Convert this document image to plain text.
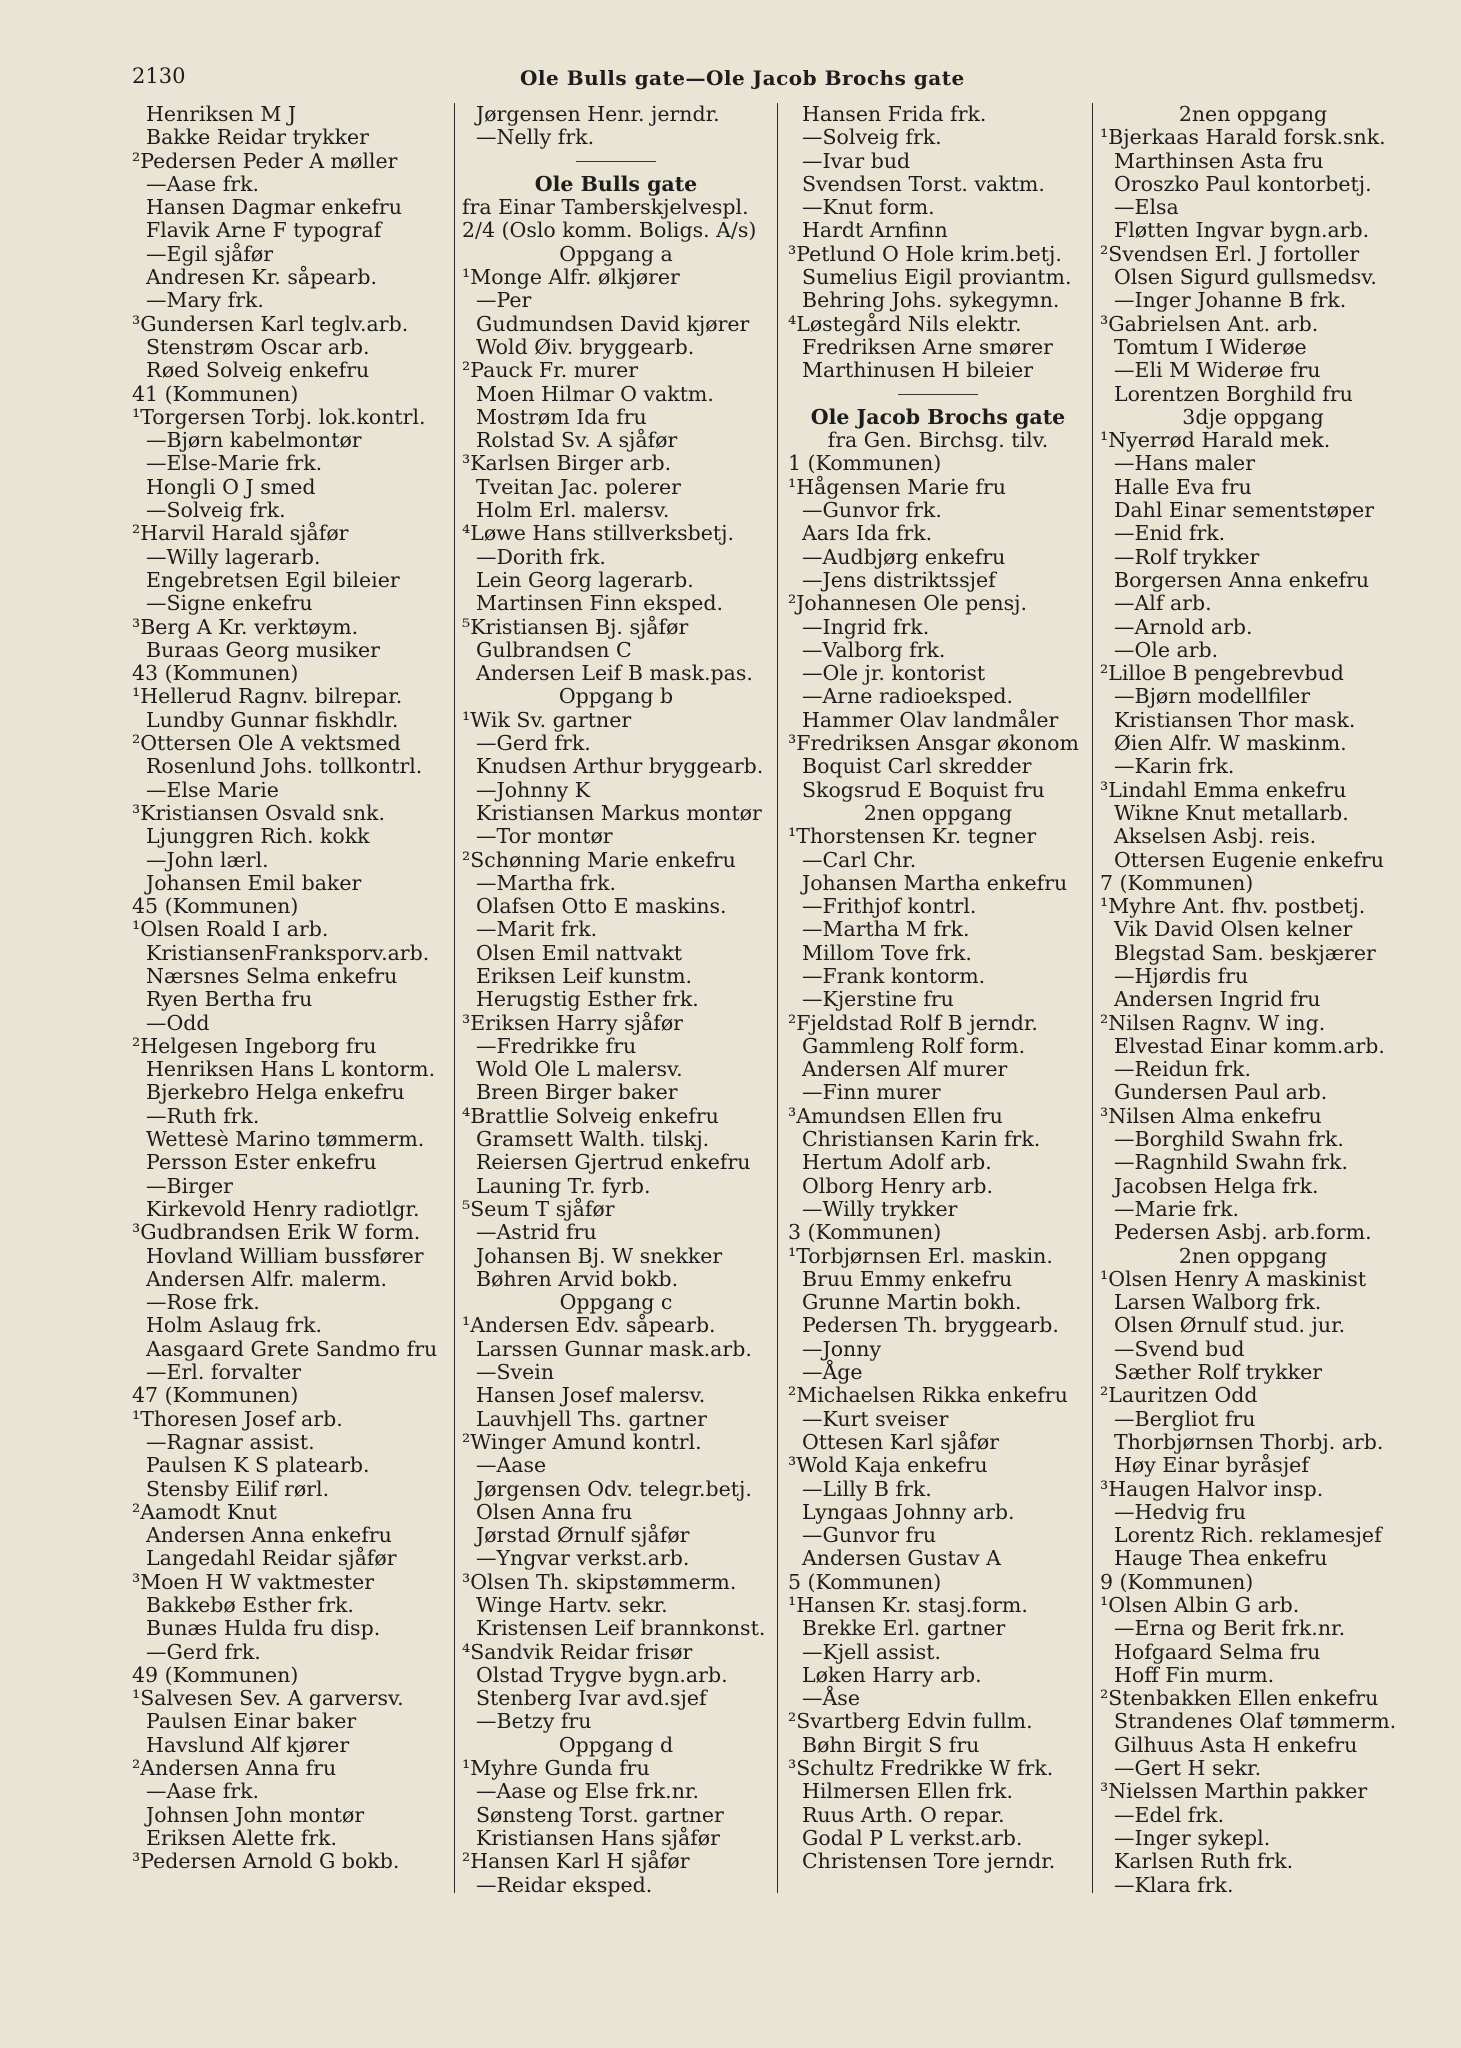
2130	Ole Bulls gate—Ole Jacob Brochs gate
Henriksen M J
Bakke Reidar trykker
²Pedersen Peder A møller
—Aase frk.
Hansen Dagmar enkefru
Flavik Arne F typograf
—Egil sjåfør
Andresen Kr. såpearb.
—Mary frk.
³Gundersen Karl teglv.arb.
Stenstrøm Oscar arb.
Røed Solveig enkefru
41 (Kommunen)
¹Torgersen Torbj. lok.kontrl.
—Bjørn kabelmontør
—Else-Marie frk.
Hongli O J smed
—Solveig frk.
²Harvil Harald sjåfør
—Willy lagerarb.
Engebretsen Egil bileier
—Signe enkefru
³Berg A Kr. verktøym.
Buraas Georg musiker
43 (Kommunen)
¹Hellerud Ragnv. bilrepar.
Lundby Gunnar fiskhdlr.
²Ottersen Ole A vektsmed
Rosenlund Johs. tollkontrl.
—Else Marie
³Kristiansen Osvald snk.
Ljunggren Rich. kokk
—John lærl.
Johansen Emil baker
45 (Kommunen)
¹Olsen Roald I arb.
KristiansenFranksporv.arb.
Nærsnes Selma enkefru
Ryen Bertha fru
—Odd
²Helgesen Ingeborg fru
Henriksen Hans L kontorm.
Bjerkebro Helga enkefru
—Ruth frk.
Wettesè Marino tømmerm.
Persson Ester enkefru
—Birger
Kirkevold Henry radiotlgr.
³Gudbrandsen Erik W form.
Hovland William bussfører
Andersen Alfr. malerm.
—Rose frk.
Holm Aslaug frk.
Aasgaard Grete Sandmo fru
—Erl. forvalter
47 (Kommunen)
¹Thoresen Josef arb.
—Ragnar assist.
Paulsen K S platearb.
Stensby Eilif rørl.
²Aamodt Knut
Andersen Anna enkefru
Langedahl Reidar sjåfør
³Moen H W vaktmester
Bakkebø Esther frk.
Bunæs Hulda fru disp.
—Gerd frk.
49 (Kommunen)
¹Salvesen Sev. A garversv.
Paulsen Einar baker
Havslund Alf kjører
²Andersen Anna fru
—Aase frk.
Johnsen John montør
Eriksen Alette frk.
³Pedersen Arnold G bokb.
Jørgensen Henr. jerndr.
—Nelly frk.
Ole Bulls gate
fra Einar Tamberskjelvespl.
2/4 (Oslo komm. Boligs. A/s)
Oppgang a
¹Monge Alfr. ølkjører
—Per
Gudmundsen David kjører
Wold Øiv. bryggearb.
²Pauck Fr. murer
Moen Hilmar O vaktm.
Mostrøm Ida fru
Rolstad Sv. A sjåfør
³Karlsen Birger arb.
Tveitan Jac. polerer
Holm Erl. malersv.
⁴Løwe Hans stillverksbetj.
—Dorith frk.
Lein Georg lagerarb.
Martinsen Finn eksped.
⁵Kristiansen Bj. sjåfør
Gulbrandsen C
Andersen Leif B mask.pas.
Oppgang b
¹Wik Sv. gartner
—Gerd frk.
Knudsen Arthur bryggearb.
—Johnny K
Kristiansen Markus montør
—Tor montør
²Schønning Marie enkefru
—Martha frk.
Olafsen Otto E maskins.
—Marit frk.
Olsen Emil nattvakt
Eriksen Leif kunstm.
Herugstig Esther frk.
³Eriksen Harry sjåfør
—Fredrikke fru
Wold Ole L malersv.
Breen Birger baker
⁴Brattlie Solveig enkefru
Gramsett Walth. tilskj.
Reiersen Gjertrud enkefru
Launing Tr. fyrb.
⁵Seum T sjåfør
—Astrid fru
Johansen Bj. W snekker
Bøhren Arvid bokb.
Oppgang c
¹Andersen Edv. såpearb.
Larssen Gunnar mask.arb.
—Svein
Hansen Josef malersv.
Lauvhjell Ths. gartner
²Winger Amund kontrl.
—Aase
Jørgensen Odv. telegr.betj.
Olsen Anna fru
Jørstad Ørnulf sjåfør
—Yngvar verkst.arb.
³Olsen Th. skipstømmerm.
Winge Hartv. sekr.
Kristensen Leif brannkonst.
⁴Sandvik Reidar frisør
Olstad Trygve bygn.arb.
Stenberg Ivar avd.sjef
—Betzy fru
Oppgang d
¹Myhre Gunda fru
—Aase og Else frk.nr.
Sønsteng Torst. gartner
Kristiansen Hans sjåfør
²Hansen Karl H sjåfør
—Reidar eksped.
Hansen Frida frk.
—Solveig frk.
—Ivar bud
Svendsen Torst. vaktm.
—Knut form.
Hardt Arnfinn
³Petlund O Hole krim.betj.
Sumelius Eigil proviantm.
Behring Johs. sykegymn.
⁴Løstegård Nils elektr.
Fredriksen Arne smører
Marthinusen H bileier
Ole Jacob Brochs gate
fra Gen. Birchsg. tilv.
1 (Kommunen)
¹Hågensen Marie fru
—Gunvor frk.
Aars Ida frk.
—Audbjørg enkefru
—Jens distriktssjef
²Johannesen Ole pensj.
—Ingrid frk.
—Valborg frk.
—Ole jr. kontorist
—Arne radioeksped.
Hammer Olav landmåler
³Fredriksen Ansgar økonom
Boquist Carl skredder
Skogsrud E Boquist fru
2nen oppgang
¹Thorstensen Kr. tegner
—Carl Chr.
Johansen Martha enkefru
—Frithjof kontrl.
—Martha M frk.
Millom Tove frk.
—Frank kontorm.
—Kjerstine fru
²Fjeldstad Rolf B jerndr.
Gammleng Rolf form.
Andersen Alf murer
—Finn murer
³Amundsen Ellen fru
Christiansen Karin frk.
Hertum Adolf arb.
Olborg Henry arb.
—Willy trykker
3 (Kommunen)
¹Torbjørnsen Erl. maskin.
Bruu Emmy enkefru
Grunne Martin bokh.
Pedersen Th. bryggearb.
—Jonny
—Åge
²Michaelsen Rikka enkefru
—Kurt sveiser
Ottesen Karl sjåfør
³Wold Kaja enkefru
—Lilly B frk.
Lyngaas Johnny arb.
—Gunvor fru
Andersen Gustav A
5 (Kommunen)
¹Hansen Kr. stasj.form.
Brekke Erl. gartner
—Kjell assist.
Løken Harry arb.
—Åse
²Svartberg Edvin fullm.
Bøhn Birgit S fru
³Schultz Fredrikke W frk.
Hilmersen Ellen frk.
Ruus Arth. O repar.
Godal P L verkst.arb.
Christensen Tore jerndr.
2nen oppgang
¹Bjerkaas Harald forsk.snk.
Marthinsen Asta fru
Oroszko Paul kontorbetj.
—Elsa
Fløtten Ingvar bygn.arb.
²Svendsen Erl. J fortoller
Olsen Sigurd gullsmedsv.
—Inger Johanne B frk.
³Gabrielsen Ant. arb.
Tomtum I Widerøe
—Eli M Widerøe fru
Lorentzen Borghild fru
3dje oppgang
¹Nyerrød Harald mek.
—Hans maler
Halle Eva fru
Dahl Einar sementstøper
—Enid frk.
—Rolf trykker
Borgersen Anna enkefru
—Alf arb.
—Arnold arb.
—Ole arb.
²Lilloe B pengebrevbud
—Bjørn modellfiler
Kristiansen Thor mask.
Øien Alfr. W maskinm.
—Karin frk.
³Lindahl Emma enkefru
Wikne Knut metallarb.
Akselsen Asbj. reis.
Ottersen Eugenie enkefru
7 (Kommunen)
¹Myhre Ant. fhv. postbetj.
Vik David Olsen kelner
Blegstad Sam. beskjærer
—Hjørdis fru
Andersen Ingrid fru
²Nilsen Ragnv. W ing.
Elvestad Einar komm.arb.
—Reidun frk.
Gundersen Paul arb.
³Nilsen Alma enkefru
—Borghild Swahn frk.
—Ragnhild Swahn frk.
Jacobsen Helga frk.
—Marie frk.
Pedersen Asbj. arb.form.
2nen oppgang
¹Olsen Henry A maskinist
Larsen Walborg frk.
Olsen Ørnulf stud. jur.
—Svend bud
Sæther Rolf trykker
²Lauritzen Odd
—Bergliot fru
Thorbjørnsen Thorbj. arb.
Høy Einar byråsjef
³Haugen Halvor insp.
—Hedvig fru
Lorentz Rich. reklamesjef
Hauge Thea enkefru
9 (Kommunen)
¹Olsen Albin G arb.
—Erna og Berit frk.nr.
Hofgaard Selma fru
Hoff Fin murm.
²Stenbakken Ellen enkefru
Strandenes Olaf tømmerm.
Gilhuus Asta H enkefru
—Gert H sekr.
³Nielssen Marthin pakker
—Edel frk.
—Inger sykepl.
Karlsen Ruth frk.
—Klara frk.
